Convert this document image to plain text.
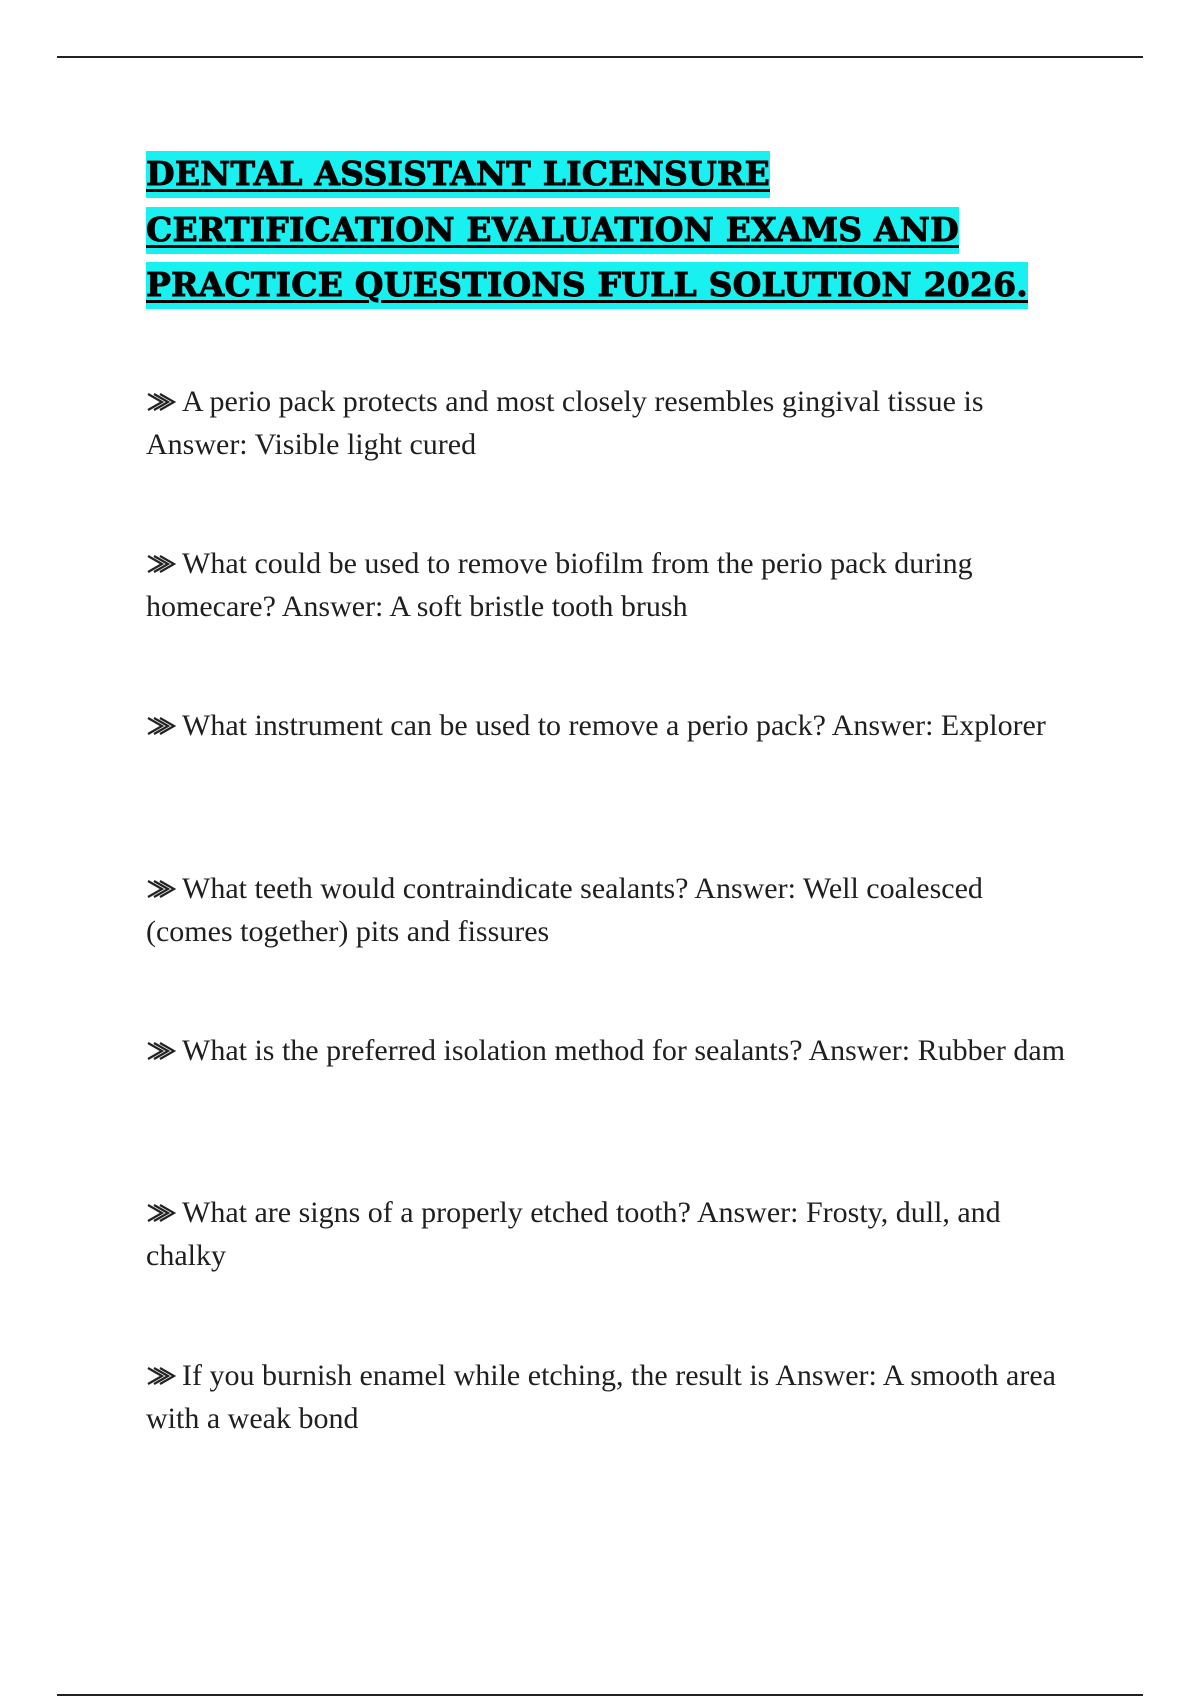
DENTAL ASSISTANT LICENSURE CERTIFICATION EVALUATION EXAMS AND PRACTICE QUESTIONS FULL SOLUTION 2026.
A perio pack protects and most closely resembles gingival tissue is Answer: Visible light cured
What could be used to remove biofilm from the perio pack during homecare? Answer: A soft bristle tooth brush
What instrument can be used to remove a perio pack? Answer: Explorer
What teeth would contraindicate sealants? Answer: Well coalesced (comes together) pits and fissures
What is the preferred isolation method for sealants? Answer: Rubber dam
What are signs of a properly etched tooth? Answer: Frosty, dull, and chalky
If you burnish enamel while etching, the result is Answer: A smooth area with a weak bond
